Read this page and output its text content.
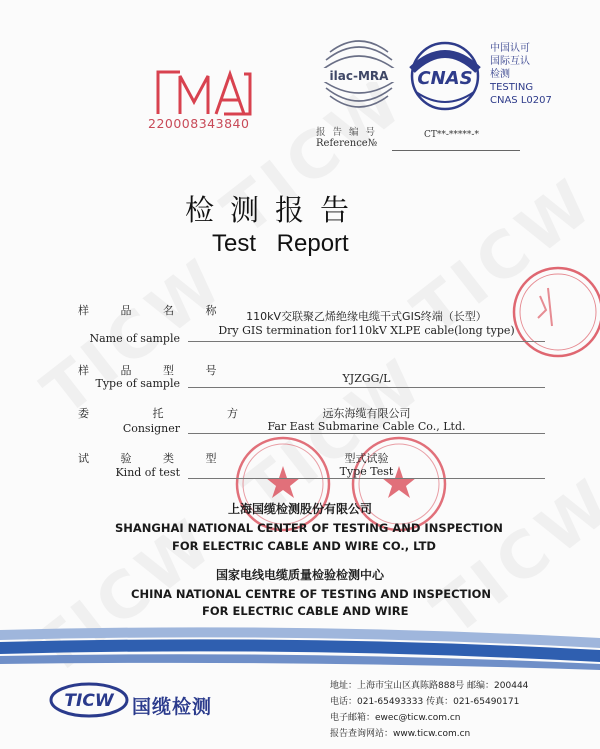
MA
220008343840
ilac-MRA CNAS
中国认可
国际互认
检测
TESTING
CNAS L0207
报 告 编 号
Reference№
CT**-*****-*
检测报告
Test Report
样 品 名 称
Name of sample
110kV交联聚乙烯绝缘电缆干式GIS终端（长型）
Dry GIS termination for110kV XLPE cable(long type)
样 品 型 号
Type of sample	YJZGG/L
委 托 方
Consigner
远东海缆有限公司
Far East Submarine Cable Co., Ltd.
试 验 类 型
Kind of test
型式试验
Type Test
上海国缆检测股份有限公司
SHANGHAI NATIONAL CENTER OF TESTING AND INSPECTION
FOR ELECTRIC CABLE AND WIRE CO., LTD
国家电线电缆质量检验检测中心
CHINA NATIONAL CENTRE OF TESTING AND INSPECTION
FOR ELECTRIC CABLE AND WIRE
TICW 国缆检测
地址：上海市宝山区真陈路888号 邮编：200444
电话：021-65493333 传真：021-65490171
电子邮箱：ewec@ticw.com.cn
报告查询网站：www.ticw.com.cn
